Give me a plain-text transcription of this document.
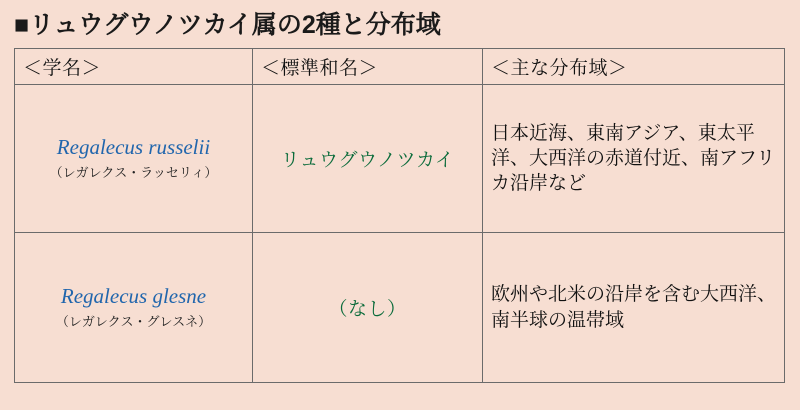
■リュウグウノツカイ属の2種と分布域
＜学名＞	＜標準和名＞	＜主な分布域＞

Regalecus russelii
（レガレクス・ラッセリィ）	リュウグウノツカイ	日本近海、東南アジア、東太平洋、大西洋の赤道付近、南アフリカ沿岸など

Regalecus glesne
（レガレクス・グレスネ）	（なし）	欧州や北米の沿岸を含む大西洋、南半球の温帯域
